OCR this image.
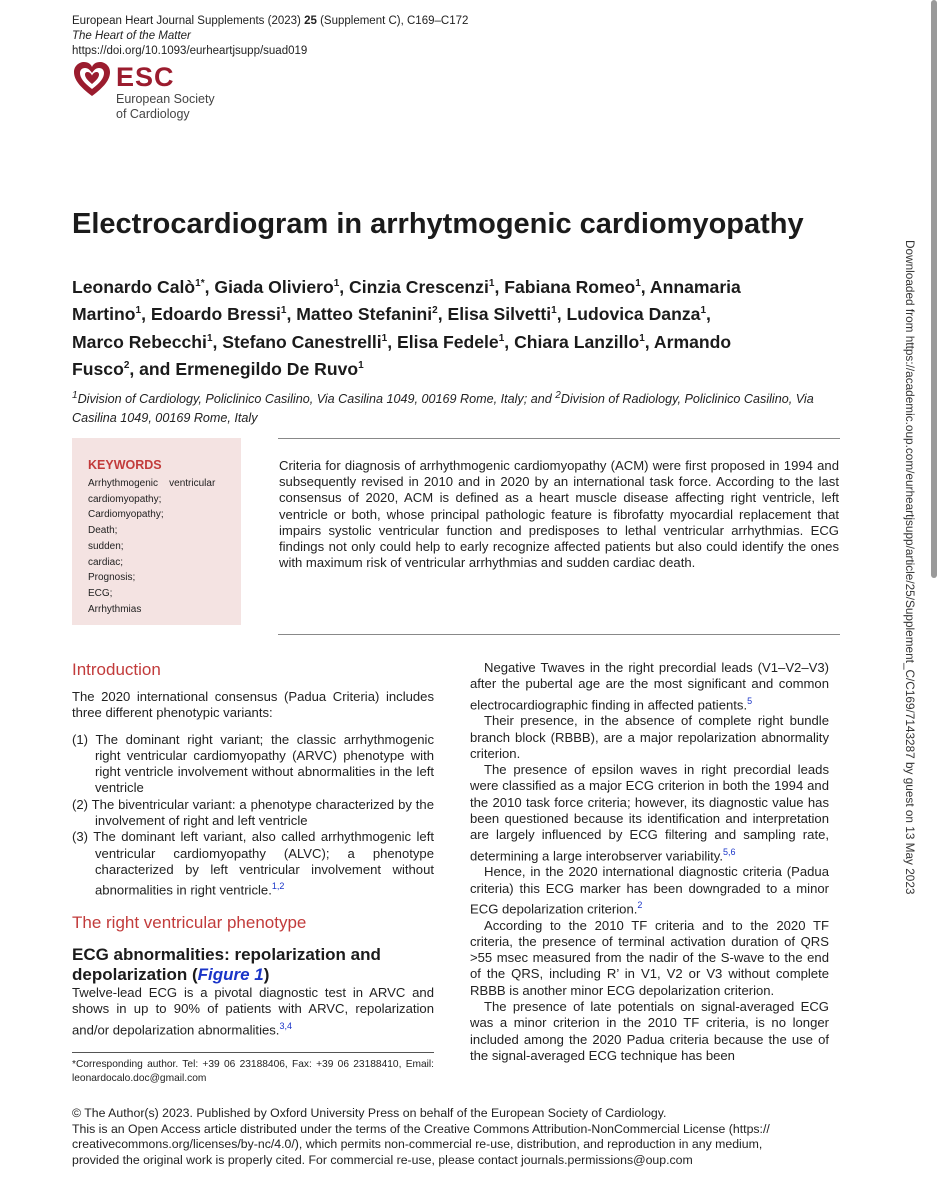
European Heart Journal Supplements (2023) 25 (Supplement C), C169–C172
The Heart of the Matter
https://doi.org/10.1093/eurheartjsupp/suad019
ESC
European Society
of Cardiology
Electrocardiogram in arrhytmogenic cardiomyopathy
Leonardo Calò$^{1*}$, Giada Oliviero$^1$, Cinzia Crescenzi$^1$, Fabiana Romeo$^1$, Annamaria Martino$^1$, Edoardo Bressi$^1$, Matteo Stefanini$^2$, Elisa Silvetti$^1$, Ludovica Danza$^1$, Marco Rebecchi$^1$, Stefano Canestrelli$^1$, Elisa Fedele$^1$, Chiara Lanzillo$^1$, Armando Fusco$^2$, and Ermenegildo De Ruvo$^1$
$^1$Division of Cardiology, Policlinico Casilino, Via Casilina 1049, 00169 Rome, Italy; and $^2$Division of Radiology, Policlinico Casilino, Via Casilina 1049, 00169 Rome, Italy
KEYWORDS
Arrhythmogenic    ventricular
cardiomyopathy;
Cardiomyopathy;
Death;
sudden;
cardiac;
Prognosis;
ECG;
Arrhythmias
Criteria for diagnosis of arrhythmogenic cardiomyopathy (ACM) were first proposed in 1994 and subsequently revised in 2010 and in 2020 by an international task force. According to the last consensus of 2020, ACM is defined as a heart muscle disease affecting right ventricle, left ventricle or both, whose principal pathologic feature is fibrofatty myocardial replacement that impairs systolic ventricular function and predisposes to lethal ventricular arrhythmias. ECG findings not only could help to early recognize affected patients but also could identify the ones with maximum risk of ventricular arrhythmias and sudden cardiac death.
Introduction
The 2020 international consensus (Padua Criteria) includes three different phenotypic variants:
(1) The dominant right variant; the classic arrhythmogenic right ventricular cardiomyopathy (ARVC) phenotype with right ventricle involvement without abnormalities in the left ventricle
(2) The biventricular variant: a phenotype characterized by the involvement of right and left ventricle
(3) The dominant left variant, also called arrhythmogenic left ventricular cardiomyopathy (ALVC); a phenotype characterized by left ventricular involvement without abnormalities in right ventricle.$^{1,2}$
The right ventricular phenotype
ECG abnormalities: repolarization and depolarization (Figure 1)
Twelve-lead ECG is a pivotal diagnostic test in ARVC and shows in up to 90% of patients with ARVC, repolarization and/or depolarization abnormalities.$^{3,4}$
Negative Twaves in the right precordial leads (V1–V2–V3) after the pubertal age are the most significant and common electrocardiographic finding in affected patients.$^5$
Their presence, in the absence of complete right bundle branch block (RBBB), are a major repolarization abnormality criterion.
The presence of epsilon waves in right precordial leads were classified as a major ECG criterion in both the 1994 and the 2010 task force criteria; however, its diagnostic value has been questioned because its identification and interpretation are largely influenced by ECG filtering and sampling rate, determining a large interobserver variability.$^{5,6}$
Hence, in the 2020 international diagnostic criteria (Padua criteria) this ECG marker has been downgraded to a minor ECG depolarization criterion.$^2$
According to the 2010 TF criteria and to the 2020 TF criteria, the presence of terminal activation duration of QRS >55 msec measured from the nadir of the S-wave to the end of the QRS, including R’ in V1, V2 or V3 without complete RBBB is another minor ECG depolarization criterion.
The presence of late potentials on signal-averaged ECG was a minor criterion in the 2010 TF criteria, is no longer included among the 2020 Padua criteria because the use of the signal-averaged ECG technique has been
*Corresponding author. Tel: +39 06 23188406, Fax: +39 06 23188410, Email: leonardocalo.doc@gmail.com
© The Author(s) 2023. Published by Oxford University Press on behalf of the European Society of Cardiology.
This is an Open Access article distributed under the terms of the Creative Commons Attribution-NonCommercial License (https://
creativecommons.org/licenses/by-nc/4.0/), which permits non-commercial re-use, distribution, and reproduction in any medium,
provided the original work is properly cited. For commercial re-use, please contact journals.permissions@oup.com
Downloaded from https://academic.oup.com/eurheartjsupp/article/25/Supplement_C/C169/7143287 by guest on 13 May 2023
